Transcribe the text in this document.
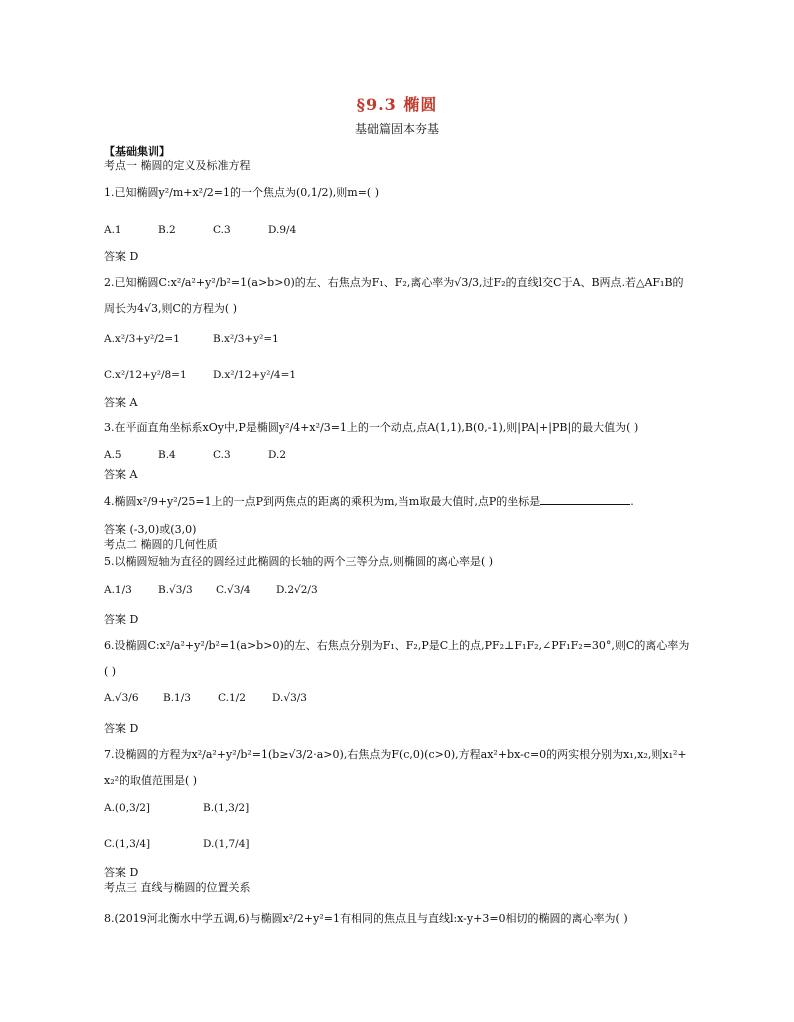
§9.3 椭圆
基础篇固本夯基
【基础集训】
考点一 椭圆的定义及标准方程
1.已知椭圆y²/m+x²/2=1的一个焦点为(0,1/2),则m=( )
A.1	B.2	C.3	D.9/4
答案 D
2.已知椭圆C:x²/a²+y²/b²=1(a>b>0)的左、右焦点为F₁、F₂,离心率为√3/3,过F₂的直线l交C于A、B两点.若△AF₁B的
周长为4√3,则C的方程为( )
A.x²/3+y²/2=1	B.x²/3+y²=1
C.x²/12+y²/8=1	D.x²/12+y²/4=1
答案 A
3.在平面直角坐标系xOy中,P是椭圆y²/4+x²/3=1上的一个动点,点A(1,1),B(0,-1),则|PA|+|PB|的最大值为( )
A.5	B.4	C.3	D.2
答案 A
4.椭圆x²/9+y²/25=1上的一点P到两焦点的距离的乘积为m,当m取最大值时,点P的坐标是	.
答案 (-3,0)或(3,0)
考点二 椭圆的几何性质
5.以椭圆短轴为直径的圆经过此椭圆的长轴的两个三等分点,则椭圆的离心率是( )
A.1/3 B.√3/3 C.√3/4 D.2√2/3
答案 D
6.设椭圆C:x²/a²+y²/b²=1(a>b>0)的左、右焦点分别为F₁、F₂,P是C上的点,PF₂⊥F₁F₂,∠PF₁F₂=30°,则C的离心率为
( )
A.√3/6 B.1/3	C.1/2 D.√3/3
答案 D
7.设椭圆的方程为x²/a²+y²/b²=1(b≥√3/2·a>0),右焦点为F(c,0)(c>0),方程ax²+bx-c=0的两实根分别为x₁,x₂,则x₁²+
x₂²的取值范围是( )
A.(0,3/2]	B.(1,3/2]
C.(1,3/4]	D.(1,7/4]
答案 D
考点三 直线与椭圆的位置关系
8.(2019河北衡水中学五调,6)与椭圆x²/2+y²=1有相同的焦点且与直线l:x-y+3=0相切的椭圆的离心率为( )
